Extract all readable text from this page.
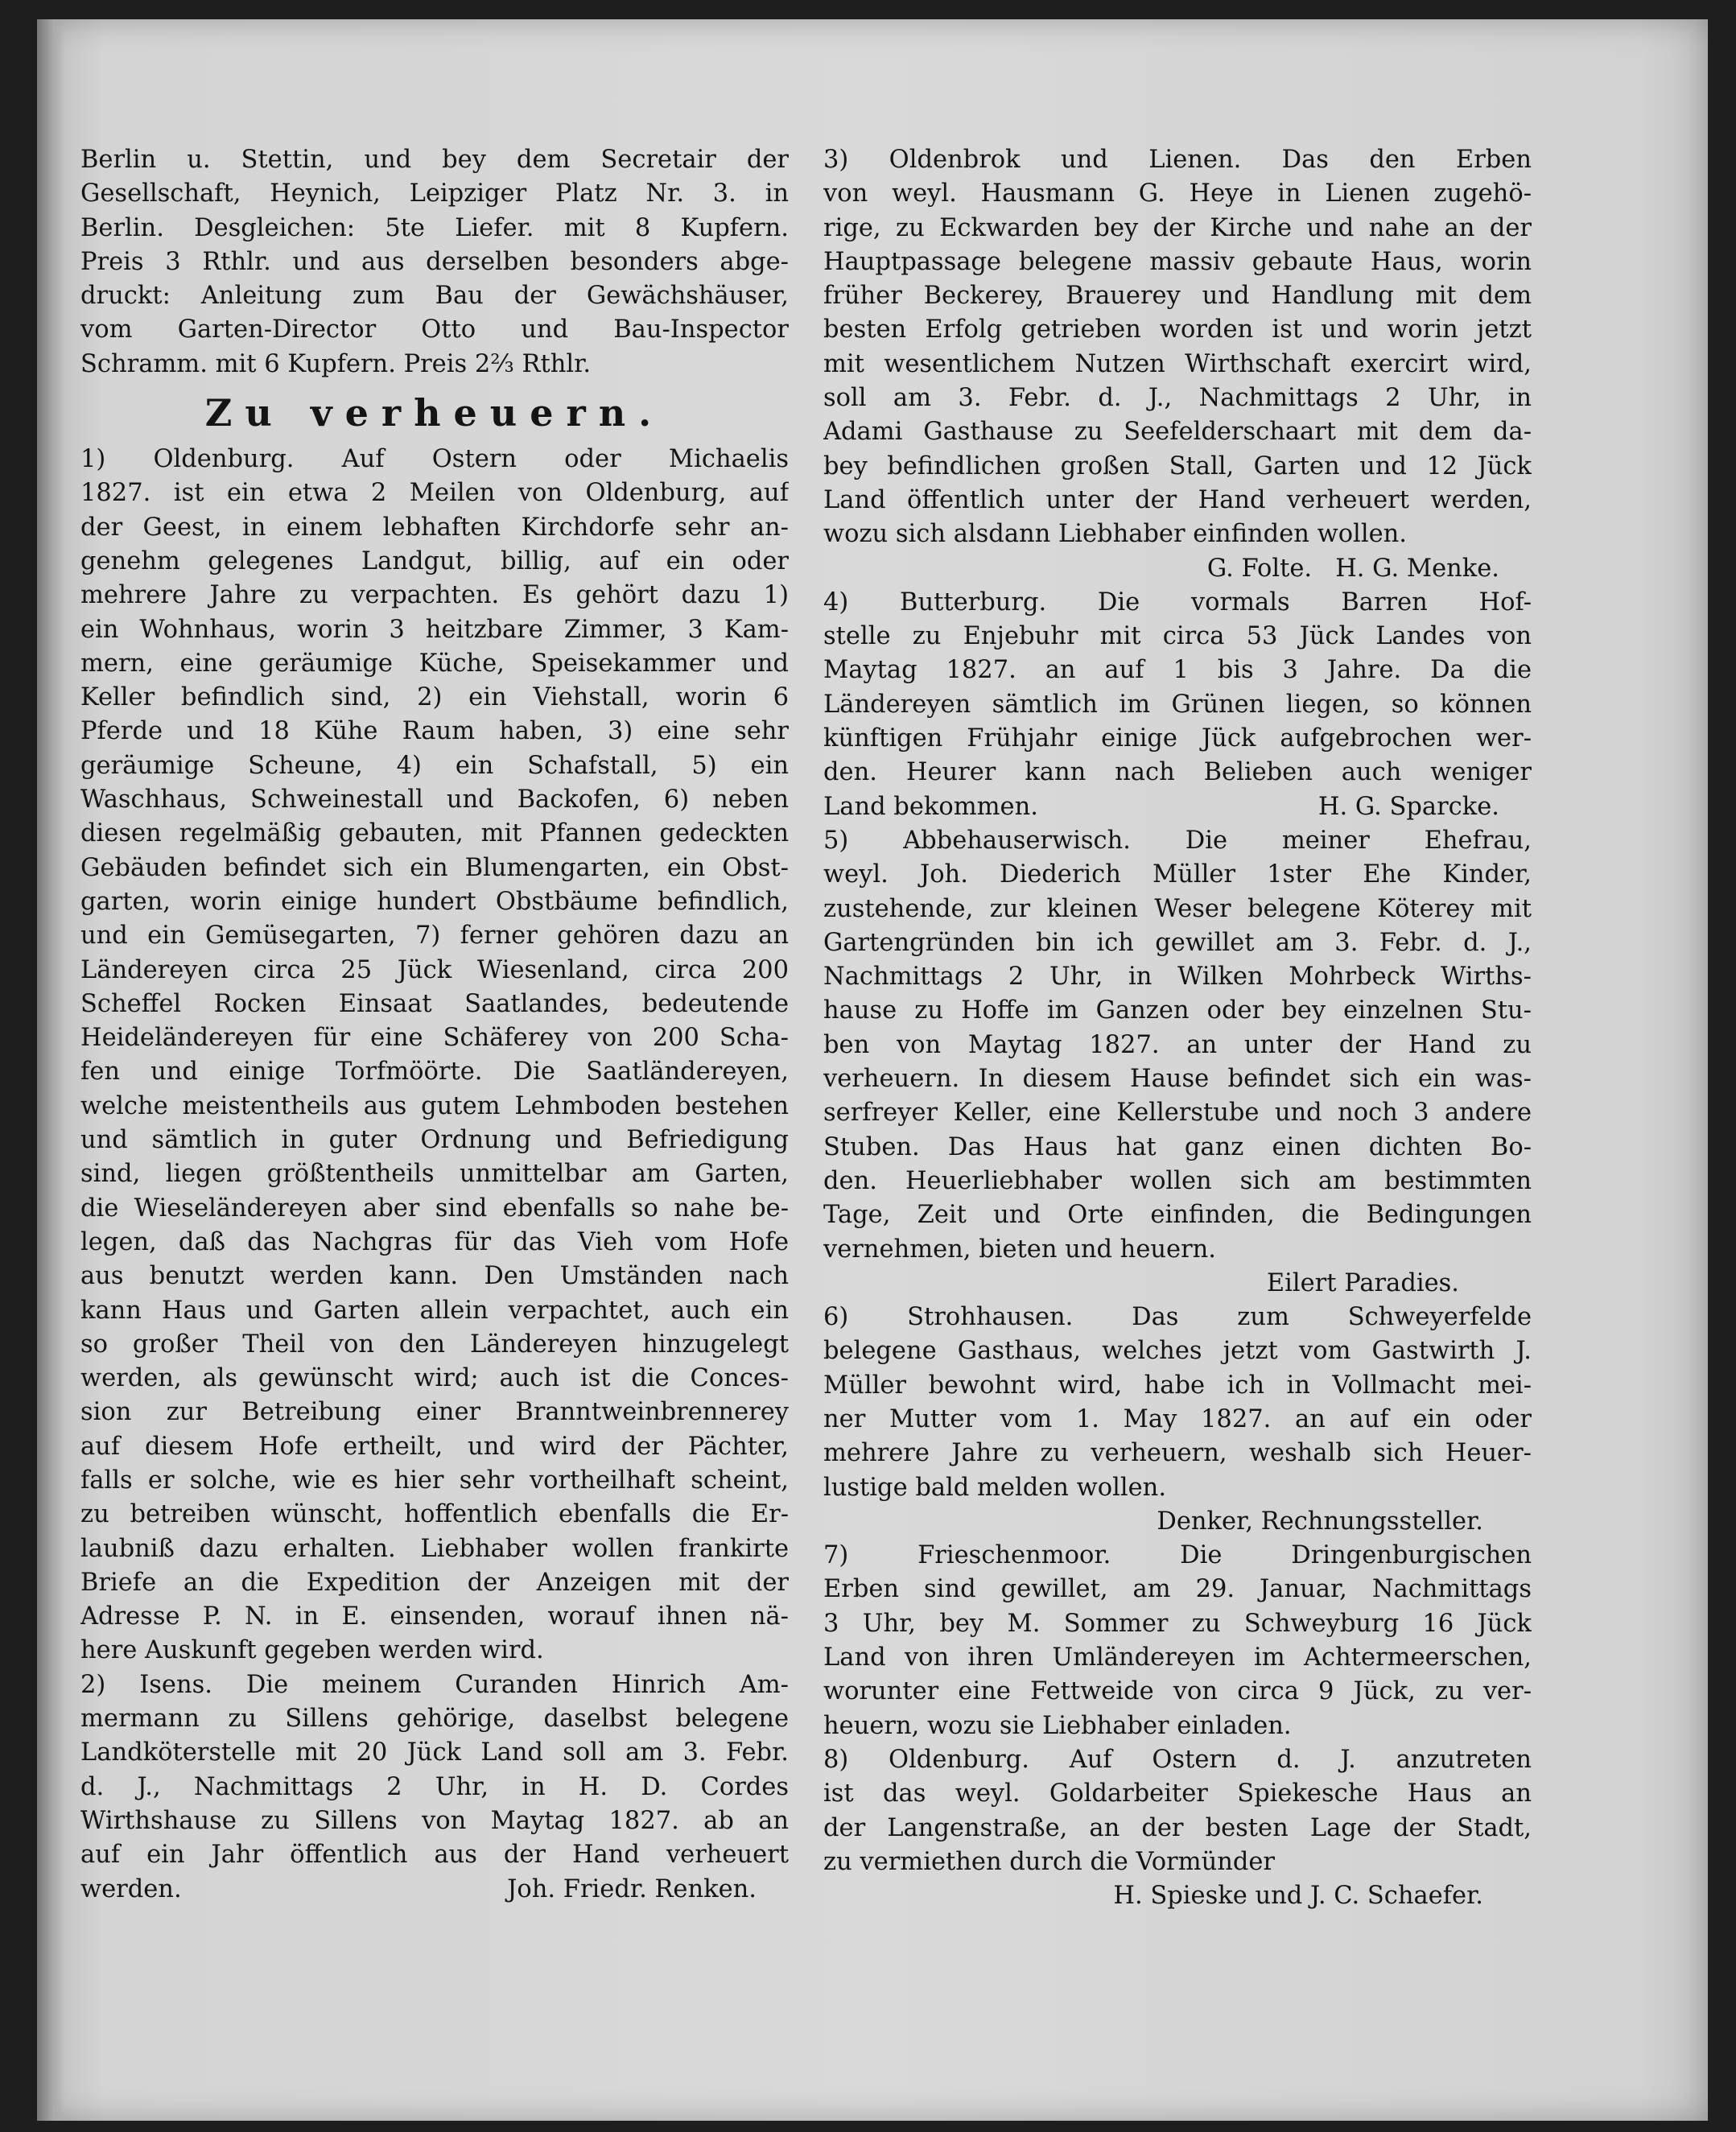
Berlin u. Stettin, und bey dem Secretair der
Gesellschaft, Heynich, Leipziger Platz Nr. 3. in
Berlin. Desgleichen: 5te Liefer. mit 8 Kupfern.
Preis 3 Rthlr. und aus derselben besonders abge-
druckt: Anleitung zum Bau der Gewächshäuser,
vom Garten-Director Otto und Bau-Inspector
Schramm. mit 6 Kupfern. Preis 2⅔ Rthlr.
Zu verheuern.
1) Oldenburg. Auf Ostern oder Michaelis
1827. ist ein etwa 2 Meilen von Oldenburg, auf
der Geest, in einem lebhaften Kirchdorfe sehr an-
genehm gelegenes Landgut, billig, auf ein oder
mehrere Jahre zu verpachten. Es gehört dazu 1)
ein Wohnhaus, worin 3 heitzbare Zimmer, 3 Kam-
mern, eine geräumige Küche, Speisekammer und
Keller befindlich sind, 2) ein Viehstall, worin 6
Pferde und 18 Kühe Raum haben, 3) eine sehr
geräumige Scheune, 4) ein Schafstall, 5) ein
Waschhaus, Schweinestall und Backofen, 6) neben
diesen regelmäßig gebauten, mit Pfannen gedeckten
Gebäuden befindet sich ein Blumengarten, ein Obst-
garten, worin einige hundert Obstbäume befindlich,
und ein Gemüsegarten, 7) ferner gehören dazu an
Ländereyen circa 25 Jück Wiesenland, circa 200
Scheffel Rocken Einsaat Saatlandes, bedeutende
Heideländereyen für eine Schäferey von 200 Scha-
fen und einige Torfmöörte. Die Saatländereyen,
welche meistentheils aus gutem Lehmboden bestehen
und sämtlich in guter Ordnung und Befriedigung
sind, liegen größtentheils unmittelbar am Garten,
die Wieseländereyen aber sind ebenfalls so nahe be-
legen, daß das Nachgras für das Vieh vom Hofe
aus benutzt werden kann. Den Umständen nach
kann Haus und Garten allein verpachtet, auch ein
so großer Theil von den Ländereyen hinzugelegt
werden, als gewünscht wird; auch ist die Conces-
sion zur Betreibung einer Branntweinbrennerey
auf diesem Hofe ertheilt, und wird der Pächter,
falls er solche, wie es hier sehr vortheilhaft scheint,
zu betreiben wünscht, hoffentlich ebenfalls die Er-
laubniß dazu erhalten. Liebhaber wollen frankirte
Briefe an die Expedition der Anzeigen mit der
Adresse P. N. in E. einsenden, worauf ihnen nä-
here Auskunft gegeben werden wird.
2) Isens. Die meinem Curanden Hinrich Am-
mermann zu Sillens gehörige, daselbst belegene
Landköterstelle mit 20 Jück Land soll am 3. Febr.
d. J., Nachmittags 2 Uhr, in H. D. Cordes
Wirthshause zu Sillens von Maytag 1827. ab an
auf ein Jahr öffentlich aus der Hand verheuert
werden.	Joh. Friedr. Renken.
3) Oldenbrok und Lienen. Das den Erben
von weyl. Hausmann G. Heye in Lienen zugehö-
rige, zu Eckwarden bey der Kirche und nahe an der
Hauptpassage belegene massiv gebaute Haus, worin
früher Beckerey, Brauerey und Handlung mit dem
besten Erfolg getrieben worden ist und worin jetzt
mit wesentlichem Nutzen Wirthschaft exercirt wird,
soll am 3. Febr. d. J., Nachmittags 2 Uhr, in
Adami Gasthause zu Seefelderschaart mit dem da-
bey befindlichen großen Stall, Garten und 12 Jück
Land öffentlich unter der Hand verheuert werden,
wozu sich alsdann Liebhaber einfinden wollen.
G. Folte.   H. G. Menke.
4) Butterburg. Die vormals Barren Hof-
stelle zu Enjebuhr mit circa 53 Jück Landes von
Maytag 1827. an auf 1 bis 3 Jahre. Da die
Ländereyen sämtlich im Grünen liegen, so können
künftigen Frühjahr einige Jück aufgebrochen wer-
den. Heurer kann nach Belieben auch weniger
Land bekommen.	H. G. Sparcke.
5) Abbehauserwisch. Die meiner Ehefrau,
weyl. Joh. Diederich Müller 1ster Ehe Kinder,
zustehende, zur kleinen Weser belegene Köterey mit
Gartengründen bin ich gewillet am 3. Febr. d. J.,
Nachmittags 2 Uhr, in Wilken Mohrbeck Wirths-
hause zu Hoffe im Ganzen oder bey einzelnen Stu-
ben von Maytag 1827. an unter der Hand zu
verheuern. In diesem Hause befindet sich ein was-
serfreyer Keller, eine Kellerstube und noch 3 andere
Stuben. Das Haus hat ganz einen dichten Bo-
den. Heuerliebhaber wollen sich am bestimmten
Tage, Zeit und Orte einfinden, die Bedingungen
vernehmen, bieten und heuern.
Eilert Paradies.
6) Strohhausen. Das zum Schweyerfelde
belegene Gasthaus, welches jetzt vom Gastwirth J.
Müller bewohnt wird, habe ich in Vollmacht mei-
ner Mutter vom 1. May 1827. an auf ein oder
mehrere Jahre zu verheuern, weshalb sich Heuer-
lustige bald melden wollen.
Denker, Rechnungssteller.
7) Frieschenmoor. Die Dringenburgischen
Erben sind gewillet, am 29. Januar, Nachmittags
3 Uhr, bey M. Sommer zu Schweyburg 16 Jück
Land von ihren Umländereyen im Achtermeerschen,
worunter eine Fettweide von circa 9 Jück, zu ver-
heuern, wozu sie Liebhaber einladen.
8) Oldenburg. Auf Ostern d. J. anzutreten
ist das weyl. Goldarbeiter Spiekesche Haus an
der Langenstraße, an der besten Lage der Stadt,
zu vermiethen durch die Vormünder
H. Spieske und J. C. Schaefer.
